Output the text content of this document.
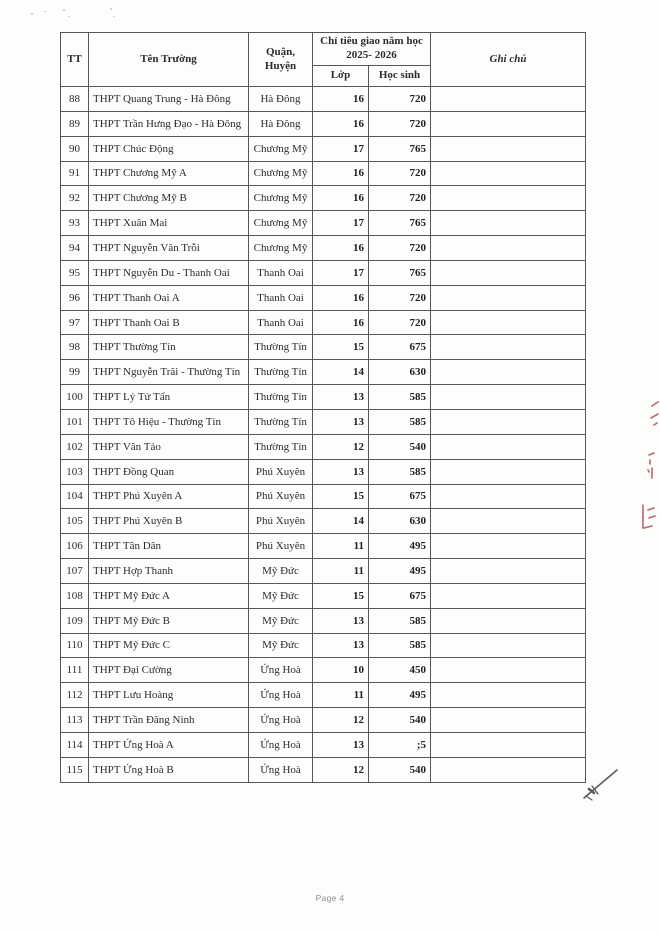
TT	Tên Trường	Quận, Huyện	Chỉ tiêu giao năm học 2025- 2026		Ghi chú
			Lớp	Học sinh	
88	THPT Quang Trung - Hà Đông	Hà Đông	16	720	
89	THPT Trần Hưng Đạo - Hà Đông	Hà Đông	16	720	
90	THPT Chúc Động	Chương Mỹ	17	765	
91	THPT Chương Mỹ A	Chương Mỹ	16	720	
92	THPT Chương Mỹ B	Chương Mỹ	16	720	
93	THPT Xuân Mai	Chương Mỹ	17	765	
94	THPT Nguyễn Văn Trỗi	Chương Mỹ	16	720	
95	THPT Nguyễn Du - Thanh Oai	Thanh Oai	17	765	
96	THPT Thanh Oai A	Thanh Oai	16	720	
97	THPT Thanh Oai B	Thanh Oai	16	720	
98	THPT Thường Tín	Thường Tín	15	675	
99	THPT Nguyễn Trãi - Thường Tín	Thường Tín	14	630	
100	THPT Lý Tử Tấn	Thường Tín	13	585	
101	THPT Tô Hiệu - Thường Tín	Thường Tín	13	585	
102	THPT Vân Tảo	Thường Tín	12	540	
103	THPT Đồng Quan	Phú Xuyên	13	585	
104	THPT Phú Xuyên A	Phú Xuyên	15	675	
105	THPT Phú Xuyên B	Phú Xuyên	14	630	
106	THPT Tân Dân	Phú Xuyên	11	495	
107	THPT Hợp Thanh	Mỹ Đức	11	495	
108	THPT Mỹ Đức A	Mỹ Đức	15	675	
109	THPT Mỹ Đức B	Mỹ Đức	13	585	
110	THPT Mỹ Đức C	Mỹ Đức	13	585	
111	THPT Đại Cường	Ứng Hoà	10	450	
112	THPT Lưu Hoàng	Ứng Hoà	11	495	
113	THPT Trần Đăng Ninh	Ứng Hoà	12	540	
114	THPT Ứng Hoà A	Ứng Hoà	13	;5	
115	THPT Ứng Hoà B	Ứng Hoà	12	540	
Page 4
